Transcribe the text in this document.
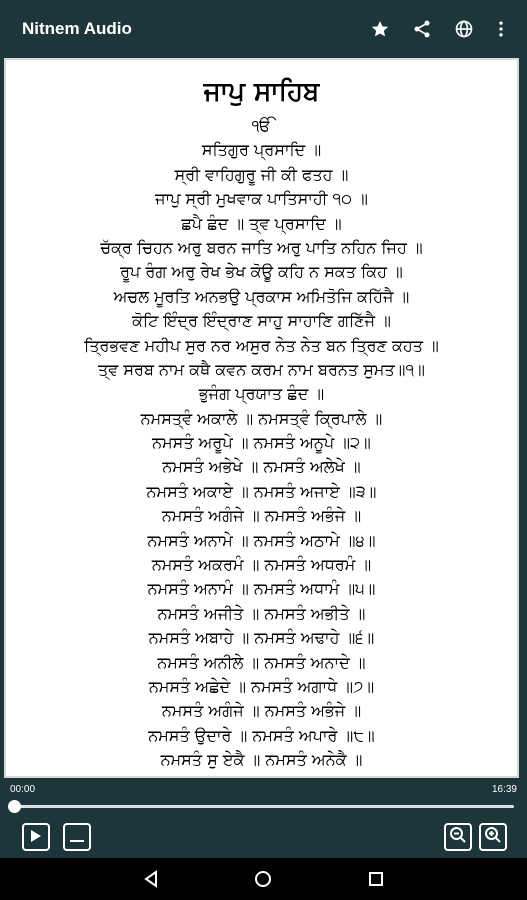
Nitnem Audio
ਜਾਪੁ ਸਾਹਿਬ
ੴ
ਸਤਿਗੁਰ ਪ੍ਰਸਾਦਿ ॥
ਸ੍ਰੀ ਵਾਹਿਗੁਰੂ ਜੀ ਕੀ ਫਤਹ ॥
ਜਾਪੁ ਸ੍ਰੀ ਮੁਖਵਾਕ ਪਾਤਿਸਾਹੀ ੧੦ ॥
ਛਪੈ ਛੰਦ ॥ ਤ੍ਵ ਪ੍ਰਸਾਦਿ ॥
ਚੱਕ੍ਰ ਚਿਹਨ ਅਰੁ ਬਰਨ ਜਾਤਿ ਅਰੁ ਪਾਤਿ ਨਹਿਨ ਜਿਹ ॥
ਰੂਪ ਰੰਗ ਅਰੁ ਰੇਖ ਭੇਖ ਕੋਊ ਕਹਿ ਨ ਸਕਤ ਕਿਹ ॥
ਅਚਲ ਮੂਰਤਿ ਅਨਭਉ ਪ੍ਰਕਾਸ ਅਮਿਤੋਜਿ ਕਹਿੱਜੈ ॥
ਕੋਟਿ ਇੰਦ੍ਰ ਇੰਦ੍ਰਾਣ ਸਾਹੁ ਸਾਹਾਣਿ ਗਣਿੱਜੈ ॥
ਤ੍ਰਿਭਵਣ ਮਹੀਪ ਸੁਰ ਨਰ ਅਸੁਰ ਨੇਤ ਨੇਤ ਬਨ ਤ੍ਰਿਣ ਕਹਤ ॥
ਤ੍ਵ ਸਰਬ ਨਾਮ ਕਥੈ ਕਵਨ ਕਰਮ ਨਾਮ ਬਰਨਤ ਸੁਮਤ॥੧॥
ਭੁਜੰਗ ਪ੍ਰਯਾਤ ਛੰਦ ॥
ਨਮਸਤ੍ਵੰ ਅਕਾਲੇ ॥ ਨਮਸਤ੍ਵੰ ਕ੍ਰਿਪਾਲੇ ॥
ਨਮਸਤੰ ਅਰੂਪੇ ॥ ਨਮਸਤੰ ਅਨੂਪੇ ॥੨॥
ਨਮਸਤੰ ਅਭੇਖੇ ॥ ਨਮਸਤੰ ਅਲੇਖੇ ॥
ਨਮਸਤੰ ਅਕਾਏ ॥ ਨਮਸਤੰ ਅਜਾਏ ॥੩॥
ਨਮਸਤੰ ਅਗੰਜੇ ॥ ਨਮਸਤੰ ਅਭੰਜੇ ॥
ਨਮਸਤੰ ਅਨਾਮੇ ॥ ਨਮਸਤੰ ਅਠਾਮੇ ॥੪॥
ਨਮਸਤੰ ਅਕਰਮੰ ॥ ਨਮਸਤੰ ਅਧਰਮੰ ॥
ਨਮਸਤੰ ਅਨਾਮੰ ॥ ਨਮਸਤੰ ਅਧਾਮੰ ॥੫॥
ਨਮਸਤੰ ਅਜੀਤੇ ॥ ਨਮਸਤੰ ਅਭੀਤੇ ॥
ਨਮਸਤੰ ਅਬਾਹੇ ॥ ਨਮਸਤੰ ਅਢਾਹੇ ॥੬॥
ਨਮਸਤੰ ਅਨੀਲੇ ॥ ਨਮਸਤੰ ਅਨਾਦੇ ॥
ਨਮਸਤੰ ਅਛੇਦੇ ॥ ਨਮਸਤੰ ਅਗਾਧੇ ॥੭॥
ਨਮਸਤੰ ਅਗੰਜੇ ॥ ਨਮਸਤੰ ਅਭੰਜੇ ॥
ਨਮਸਤੰ ਉਦਾਰੇ ॥ ਨਮਸਤੰ ਅਪਾਰੇ ॥੮॥
ਨਮਸਤੰ ਸੁ ਏਕੈ ॥ ਨਮਸਤੰ ਅਨੇਕੈ ॥
00:00	16:39
